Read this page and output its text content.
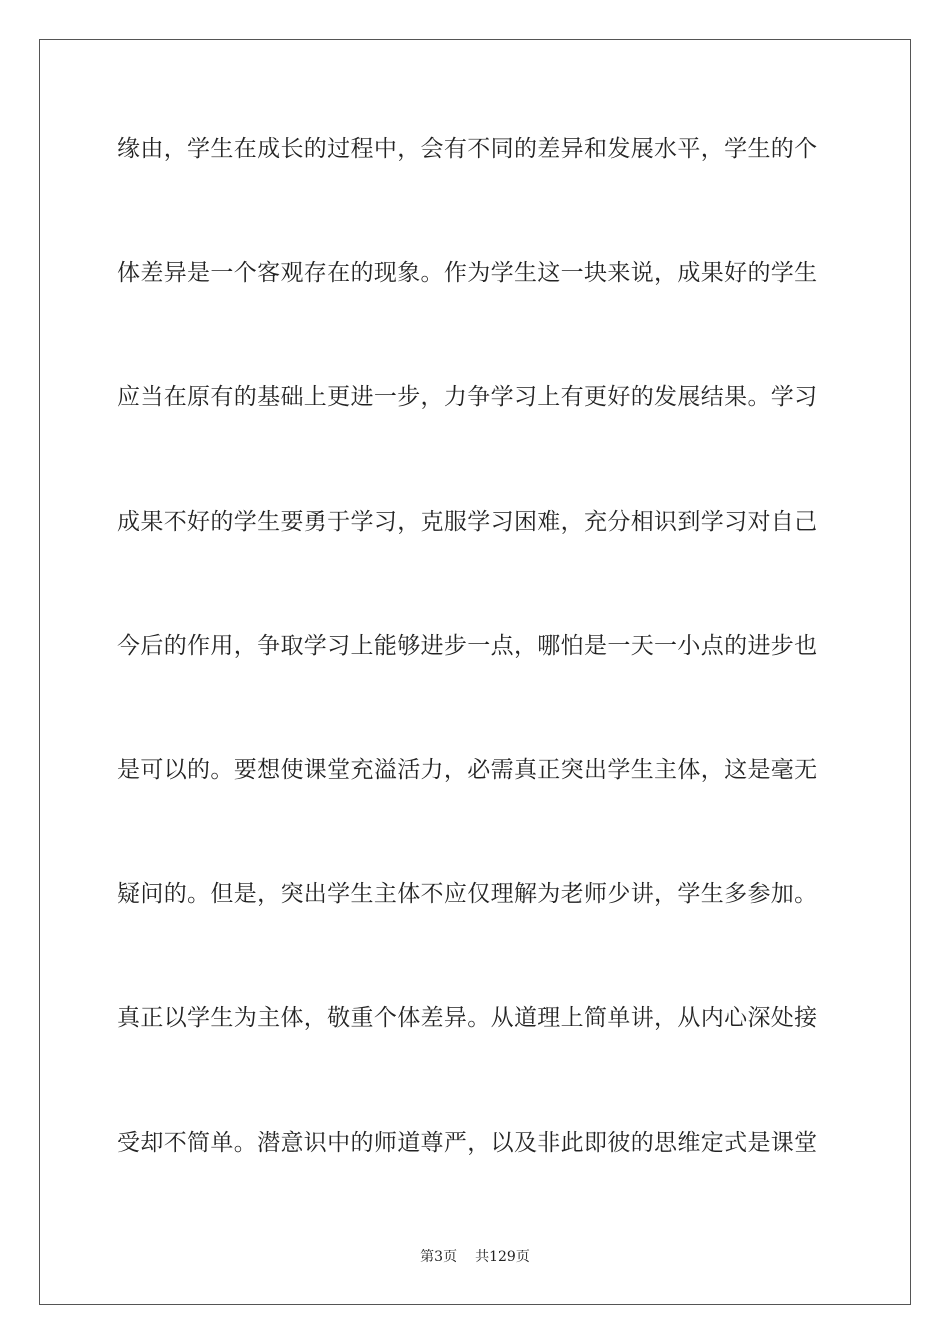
缘由，学生在成长的过程中，会有不同的差异和发展水平，学生的个
体差异是一个客观存在的现象。作为学生这一块来说，成果好的学生
应当在原有的基础上更进一步，力争学习上有更好的发展结果。学习
成果不好的学生要勇于学习，克服学习困难，充分相识到学习对自己
今后的作用，争取学习上能够进步一点，哪怕是一天一小点的进步也
是可以的。要想使课堂充溢活力，必需真正突出学生主体，这是毫无
疑问的。但是，突出学生主体不应仅理解为老师少讲，学生多参加。
真正以学生为主体，敬重个体差异。从道理上简单讲，从内心深处接
受却不简单。潜意识中的师道尊严，以及非此即彼的思维定式是课堂
第3页 共129页
